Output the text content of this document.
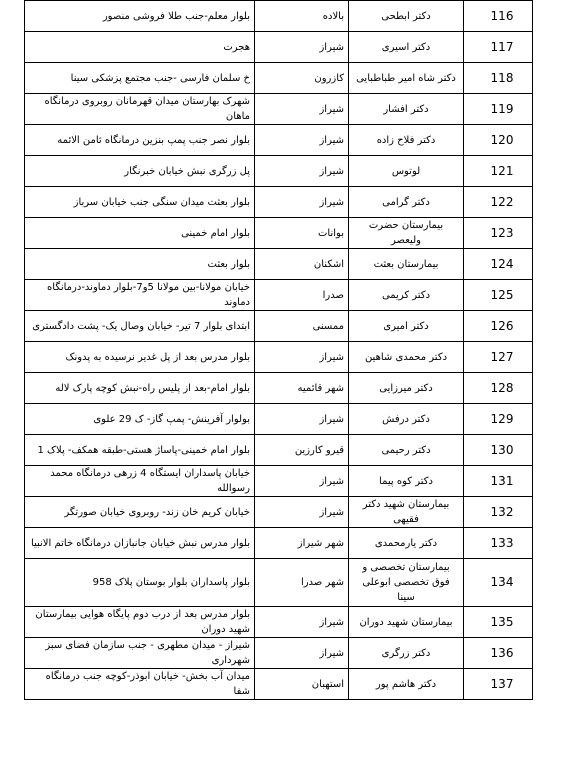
بلوار معلم-جنب طلا فروشی منصور	بالاده	دکتر ابطحی	116
هجرت	شیراز	دکتر اسیری	117
خ سلمان فارسی -جنب مجتمع پزشکی سینا	کازرون	دکتر شاه امیر طباطبایی	118
شهرک بهارستان میدان قهرمانان روبروی درمانگاه ماهان	شیراز	دکتر افشار	119
بلوار نصر جنب پمپ بنزین درمانگاه ثامن الائمه	شیراز	دکتر فلاح زاده	120
پل زرگری نبش خیابان خبرنگار	شیراز	لوتوس	121
بلوار بعثت میدان سنگی جنب خیابان سرباز	شیراز	دکتر گرامی	122
بلوار امام خمینی	بوانات	بیمارستان حضرت ولیعصر	123
بلوار بعثت	اشکنان	بیمارستان بعثت	124
خیابان مولانا-بین مولانا 5و7-بلوار دماوند-درمانگاه دماوند	صدرا	دکتر کریمی	125
ابتدای بلوار 7 تیر- خیابان وصال یک- پشت دادگستری	ممسنی	دکتر امیری	126
بلوار مدرس بعد از پل غدیر نرسیده به پدونک	شیراز	دکتر محمدی شاهین	127
بلوار امام-بعد از پلیس راه-نبش کوچه پارک لاله	شهر قائمیه	دکتر میرزایی	128
بولوار آفرینش- پمپ گاز- ک 29 علوی	شیراز	دکتر درفش	129
بلوار امام خمینی-پاساژ هستی-طبقه همکف- پلاک 1	قیرو کارزین	دکتر رحیمی	130
خیابان پاسداران ایستگاه 4 زرهی درمانگاه محمد رسوالله	شیراز	دکتر کوه پیما	131
خیابان کریم خان زند- روبروی خیابان صورتگر	شیراز	بیمارستان شهید دکتر فقیهی	132
بلوار مدرس نبش خیابان جانبازان درمانگاه خاتم الانبیا	شهر شیراز	دکتر یارمحمدی	133
بلوار پاسداران بلوار بوستان پلاک 958	شهر صدرا	بیمارستان تخصصی و فوق تخصصی ابوعلی سینا	134
بلوار مدرس بعد از درب دوم پایگاه هوایی بیمارستان شهید دوران	شیراز	بیمارستان شهید دوران	135
شیراز - میدان مطهری - جنب سازمان فضای سبز شهرداری	شیراز	دکتر زرگری	136
میدان آب بخش- خیابان ابوذر-کوچه جنب درمانگاه شفا	استهبان	دکتر هاشم پور	137
